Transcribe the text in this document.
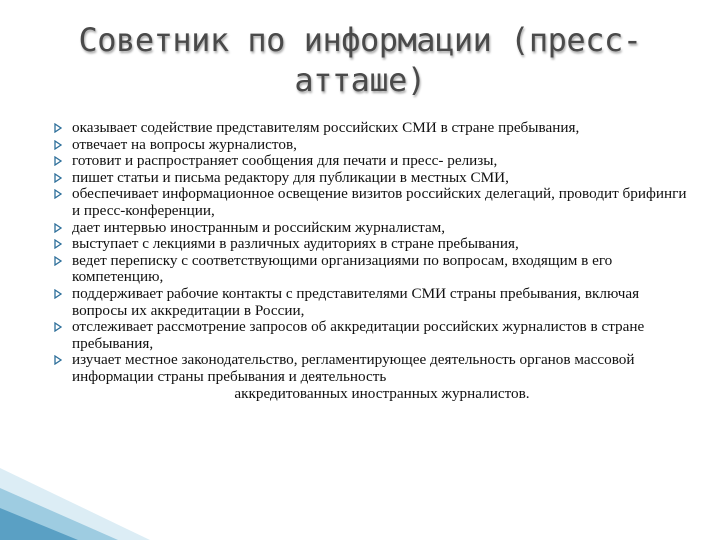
Советник по информации (пресс-атташе)
оказывает содействие представителям российских СМИ в стране пребывания,
отвечает на вопросы журналистов,
готовит и распространяет сообщения для печати и пресс- релизы,
пишет статьи и письма редактору для публикации в местных СМИ,
обеспечивает информационное освещение визитов российских делегаций, проводит брифинги и пресс-конференции,
дает интервью иностранным и российским журналистам,
выступает с лекциями в различных аудиториях в стране пребывания,
ведет переписку с соответствующими организациями по вопросам, входящим в его компетенцию,
поддерживает рабочие контакты с представителями СМИ страны пребывания, включая вопросы их аккредитации в России,
отслеживает рассмотрение запросов об аккредитации российских журналистов в стране пребывания,
изучает местное законодательство, регламентирующее деятельность органов массовой информации страны пребывания и деятельность
аккредитованных иностранных журналистов.
